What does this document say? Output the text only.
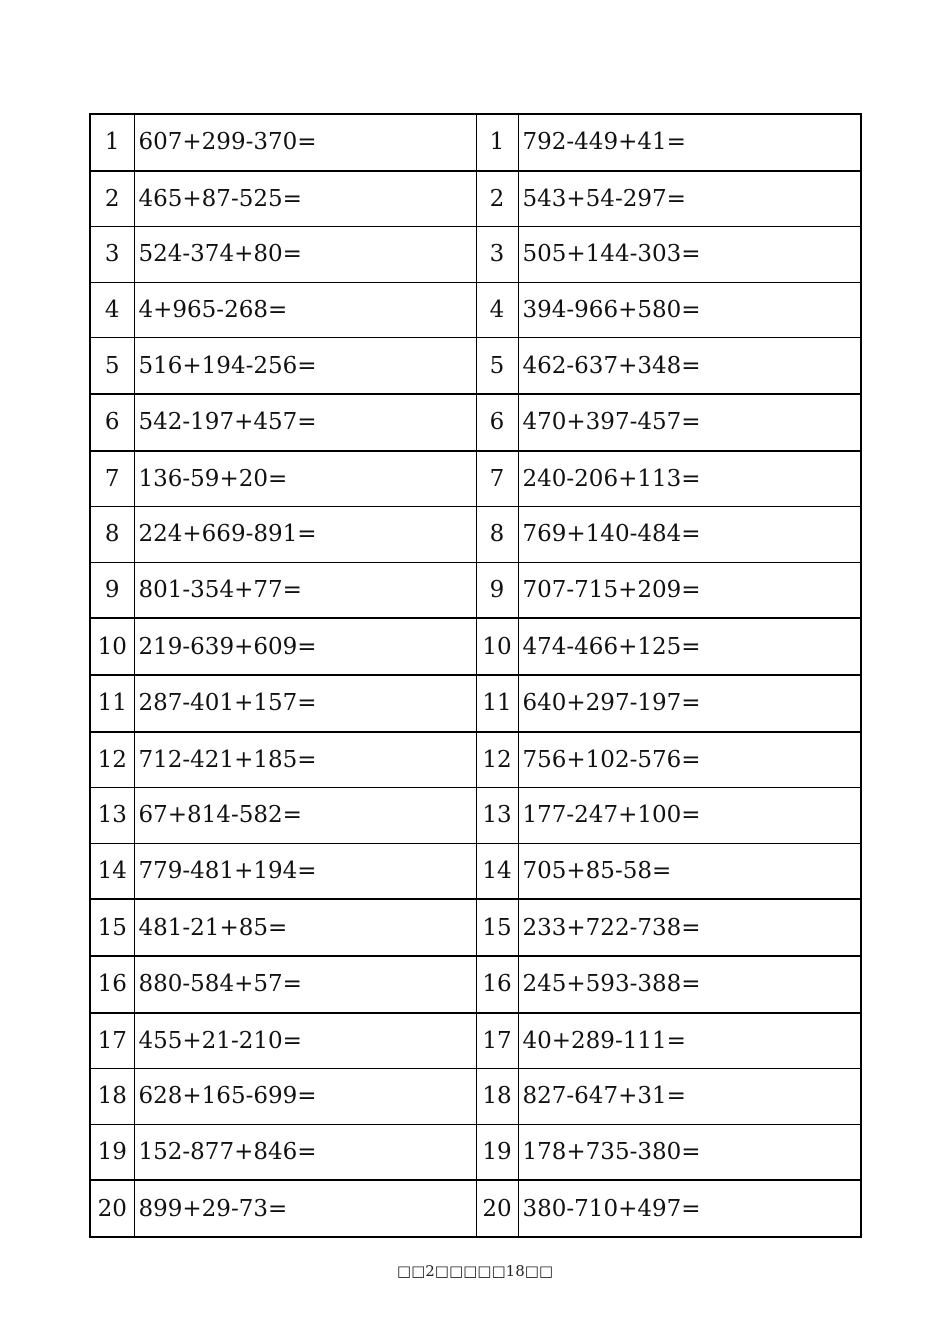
1	607+299-370=	1	792-449+41=
2	465+87-525=	2	543+54-297=
3	524-374+80=	3	505+144-303=
4	4+965-268=	4	394-966+580=
5	516+194-256=	5	462-637+348=
6	542-197+457=	6	470+397-457=
7	136-59+20=	7	240-206+113=
8	224+669-891=	8	769+140-484=
9	801-354+77=	9	707-715+209=
10	219-639+609=	10	474-466+125=
11	287-401+157=	11	640+297-197=
12	712-421+185=	12	756+102-576=
13	67+814-582=	13	177-247+100=
14	779-481+194=	14	705+85-58=
15	481-21+85=	15	233+722-738=
16	880-584+57=	16	245+593-388=
17	455+21-210=	17	40+289-111=
18	628+165-699=	18	827-647+31=
19	152-877+846=	19	178+735-380=
20	899+29-73=	20	380-710+497=
□□2□□□□□18□□
